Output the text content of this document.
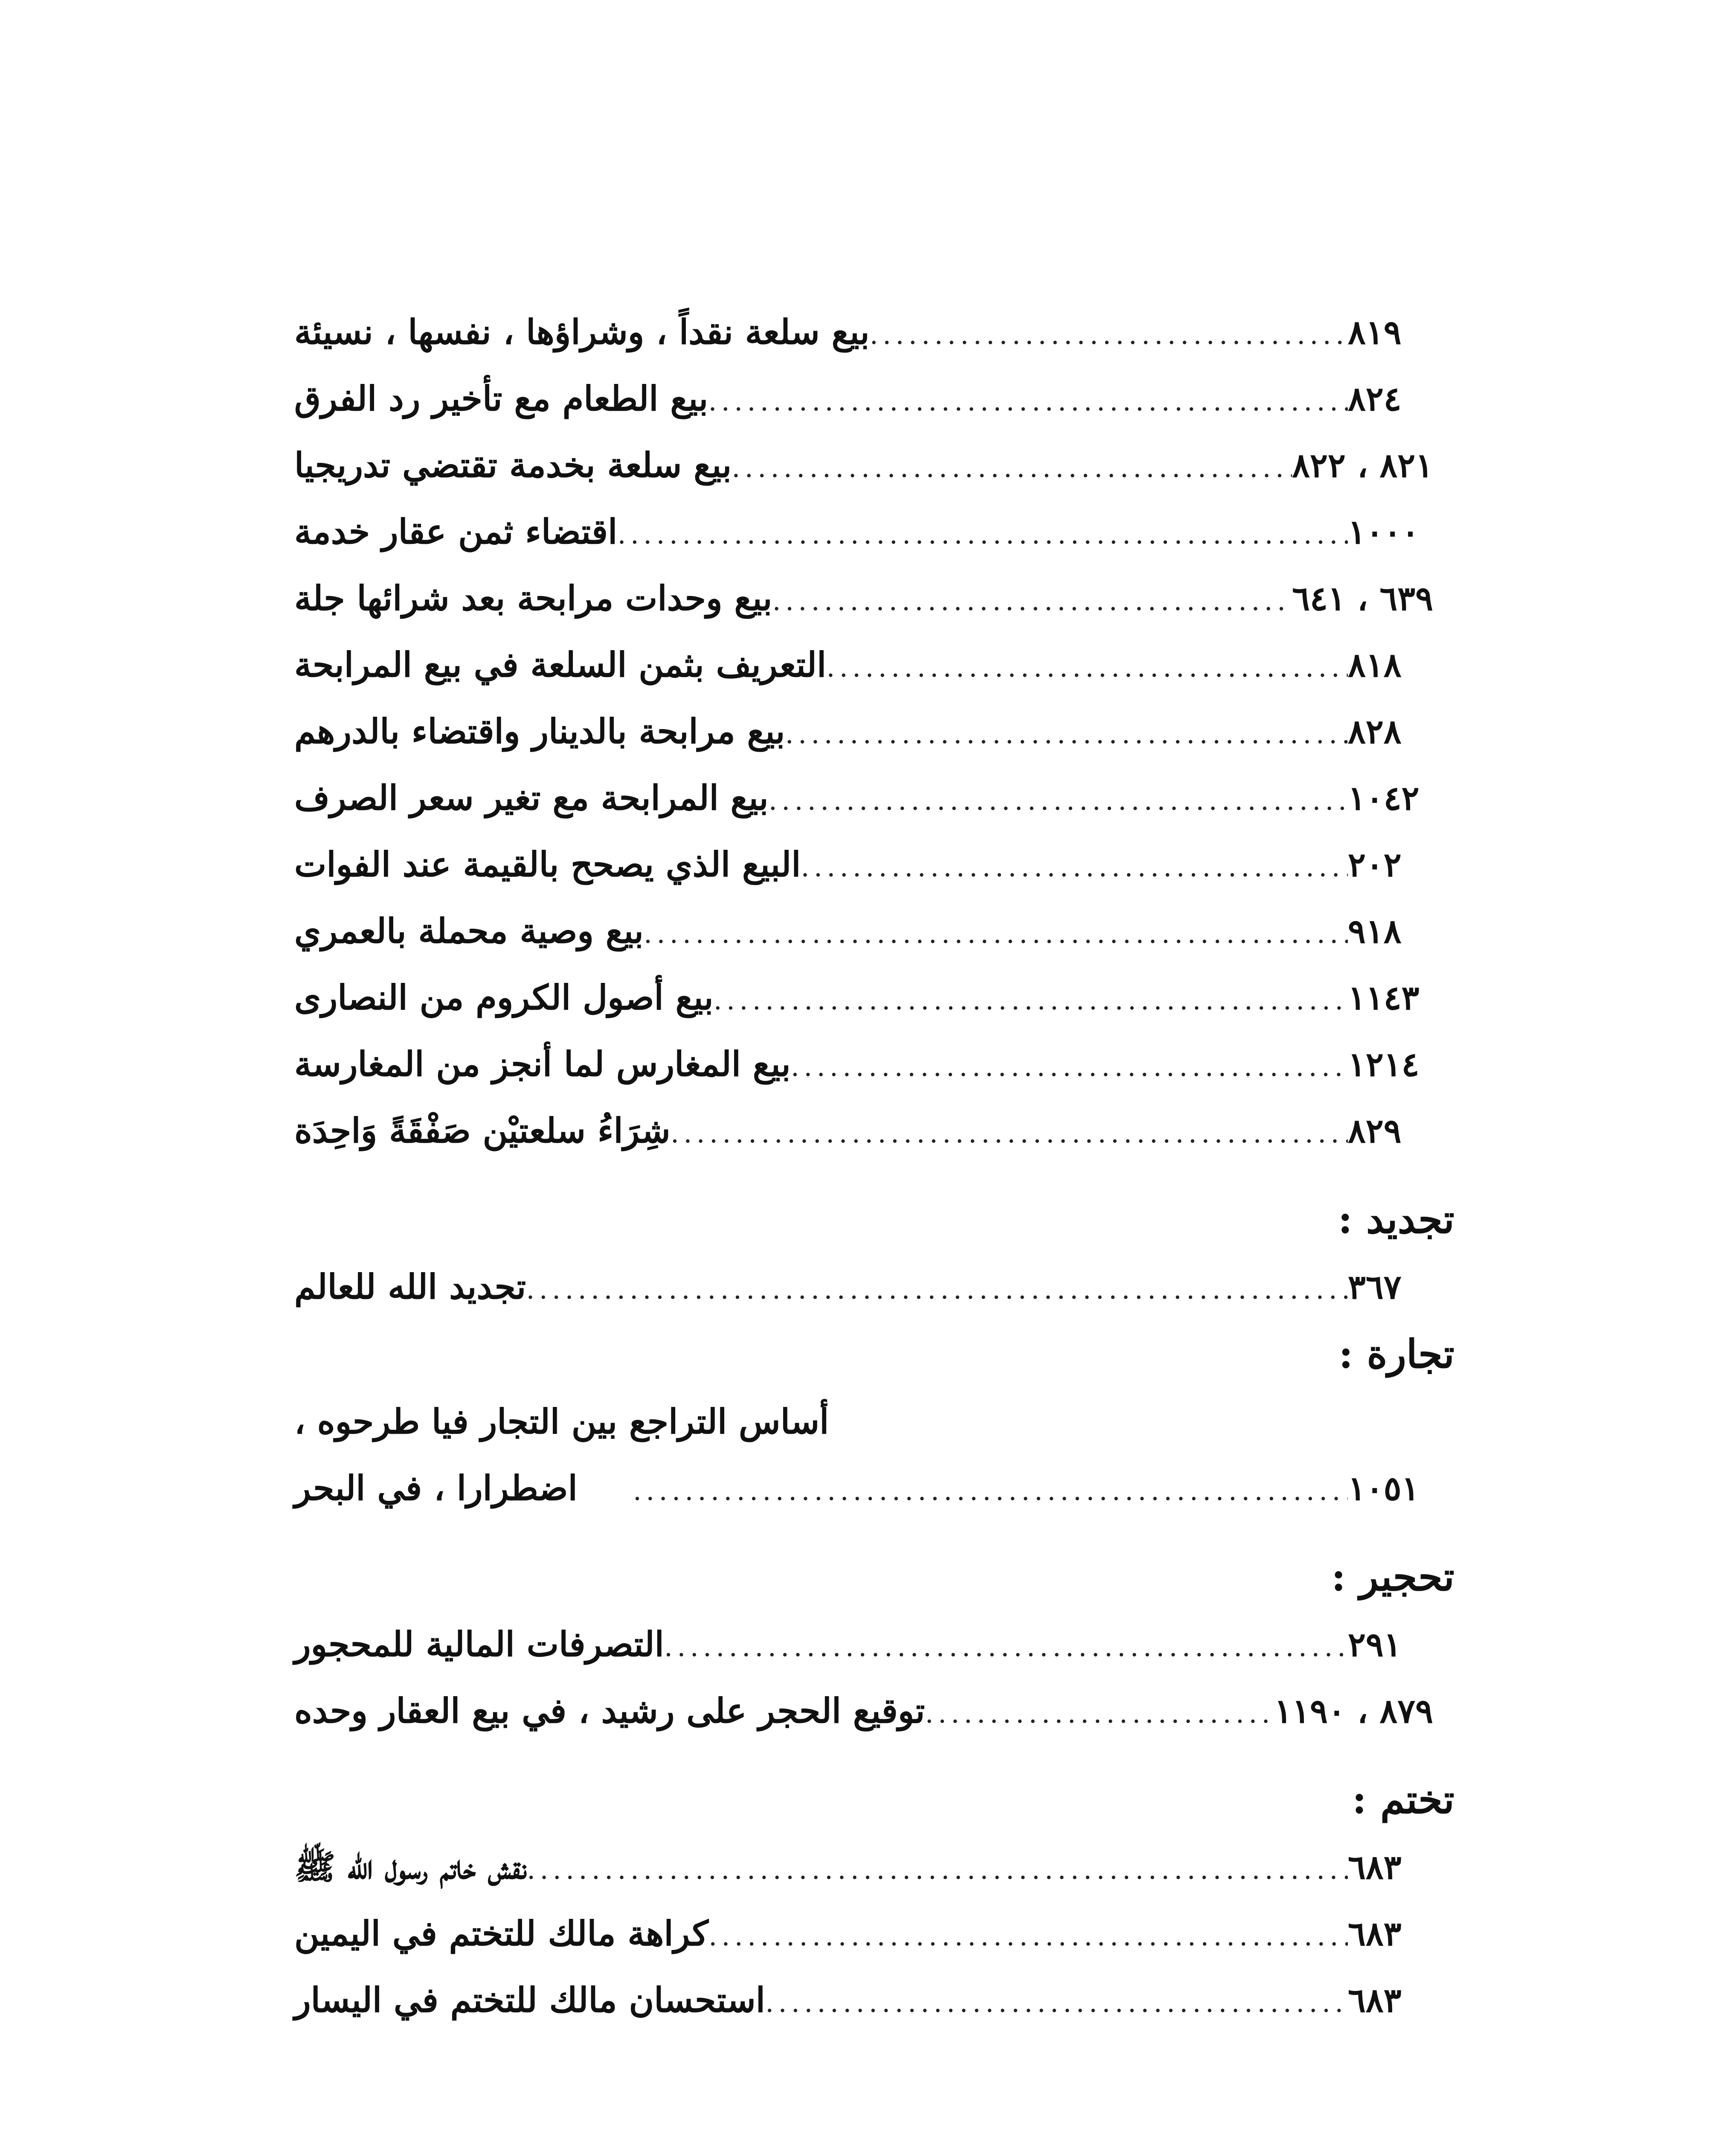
بيع سلعة نقداً ، وشراؤها ، نفسها ، نسيئة .....	٨١٩
بيع الطعام مع تأخير رد الفرق .....	٨٢٤
بيع سلعة بخدمة تقتضي تدريجيا .....	٨٢١ ، ٨٢٢
اقتضاء ثمن عقار خدمة .....	١٠٠٠
بيع وحدات مرابحة بعد شرائها جلة .....	٦٣٩ ، ٦٤١
التعريف بثمن السلعة في بيع المرابحة .....	٨١٨
بيع مرابحة بالدينار واقتضاء بالدرهم .....	٨٢٨
بيع المرابحة مع تغير سعر الصرف .....	١٠٤٢
البيع الذي يصحح بالقيمة عند الفوات .....	٢٠٢
بيع وصية محملة بالعمري .....	٩١٨
بيع أصول الكروم من النصارى .....	١١٤٣
بيع المغارس لما أنجز من المغارسة .....	١٢١٤
شِرَاءُ سلعتيْن صَفْقَةً وَاحِدَة .....	٨٢٩
تجديد :
تجديد الله للعالم .....	٣٦٧
تجارة :
أساس التراجع بين التجار فيا طرحوه ،
اضطرارا ، في البحر .....	١٠٥١
تحجير :
التصرفات المالية للمحجور .....	٢٩١
توقيع الحجر على رشيد ، في بيع العقار وحده .....	٨٧٩ ، ١١٩٠
تختم :
نقش خاتم رسول الله ﷺ .....	٦٨٣
كراهة مالك للتختم في اليمين .....	٦٨٣
استحسان مالك للتختم في اليسار .....	٦٨٣
